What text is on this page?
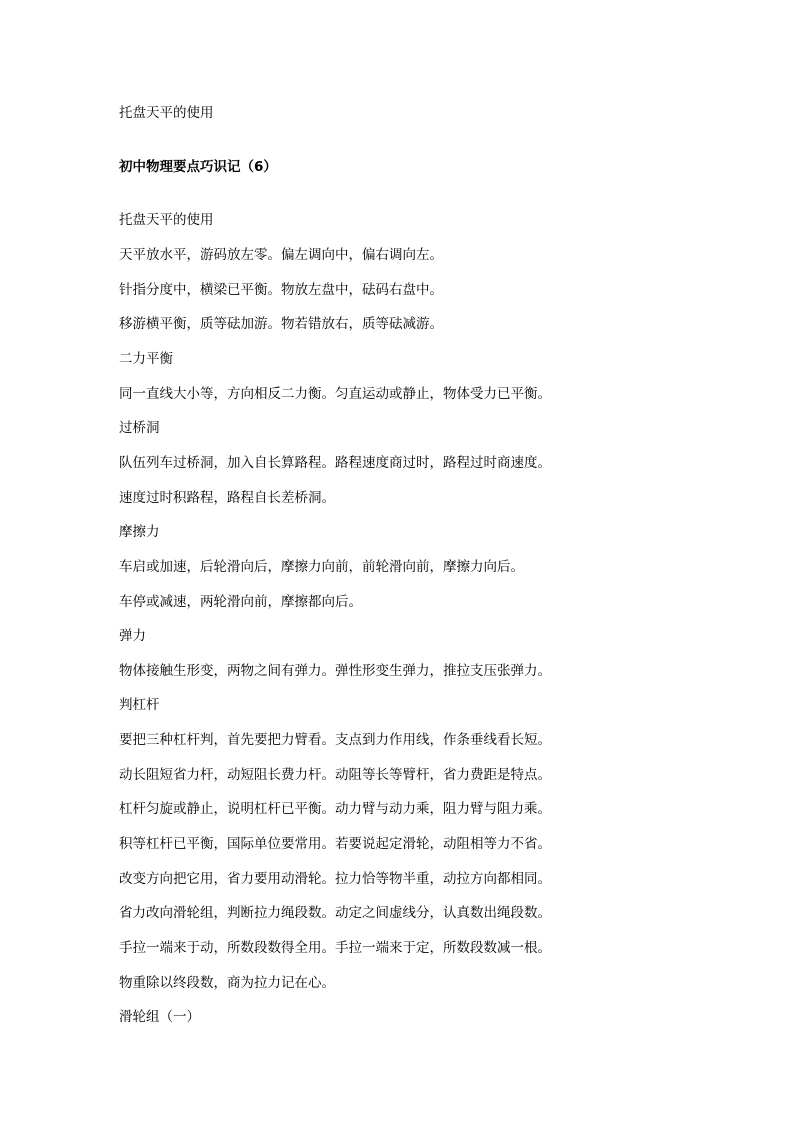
托盘天平的使用
初中物理要点巧识记（6）
托盘天平的使用
天平放水平，游码放左零。偏左调向中，偏右调向左。
针指分度中，横梁已平衡。物放左盘中，砝码右盘中。
移游横平衡，质等砝加游。物若错放右，质等砝减游。
二力平衡
同一直线大小等，方向相反二力衡。匀直运动或静止，物体受力已平衡。
过桥洞
队伍列车过桥洞，加入自长算路程。路程速度商过时，路程过时商速度。
速度过时积路程，路程自长差桥洞。
摩擦力
车启或加速，后轮滑向后，摩擦力向前，前轮滑向前，摩擦力向后。
车停或减速，两轮滑向前，摩擦都向后。
弹力
物体接触生形变，两物之间有弹力。弹性形变生弹力，推拉支压张弹力。
判杠杆
要把三种杠杆判，首先要把力臂看。支点到力作用线，作条垂线看长短。
动长阻短省力杆，动短阻长费力杆。动阻等长等臂杆，省力费距是特点。
杠杆匀旋或静止，说明杠杆已平衡。动力臂与动力乘，阻力臂与阻力乘。
积等杠杆已平衡，国际单位要常用。若要说起定滑轮，动阻相等力不省。
改变方向把它用，省力要用动滑轮。拉力恰等物半重，动拉方向都相同。
省力改向滑轮组，判断拉力绳段数。动定之间虚线分，认真数出绳段数。
手拉一端来于动，所数段数得全用。手拉一端来于定，所数段数减一根。
物重除以终段数，商为拉力记在心。
滑轮组（一）
